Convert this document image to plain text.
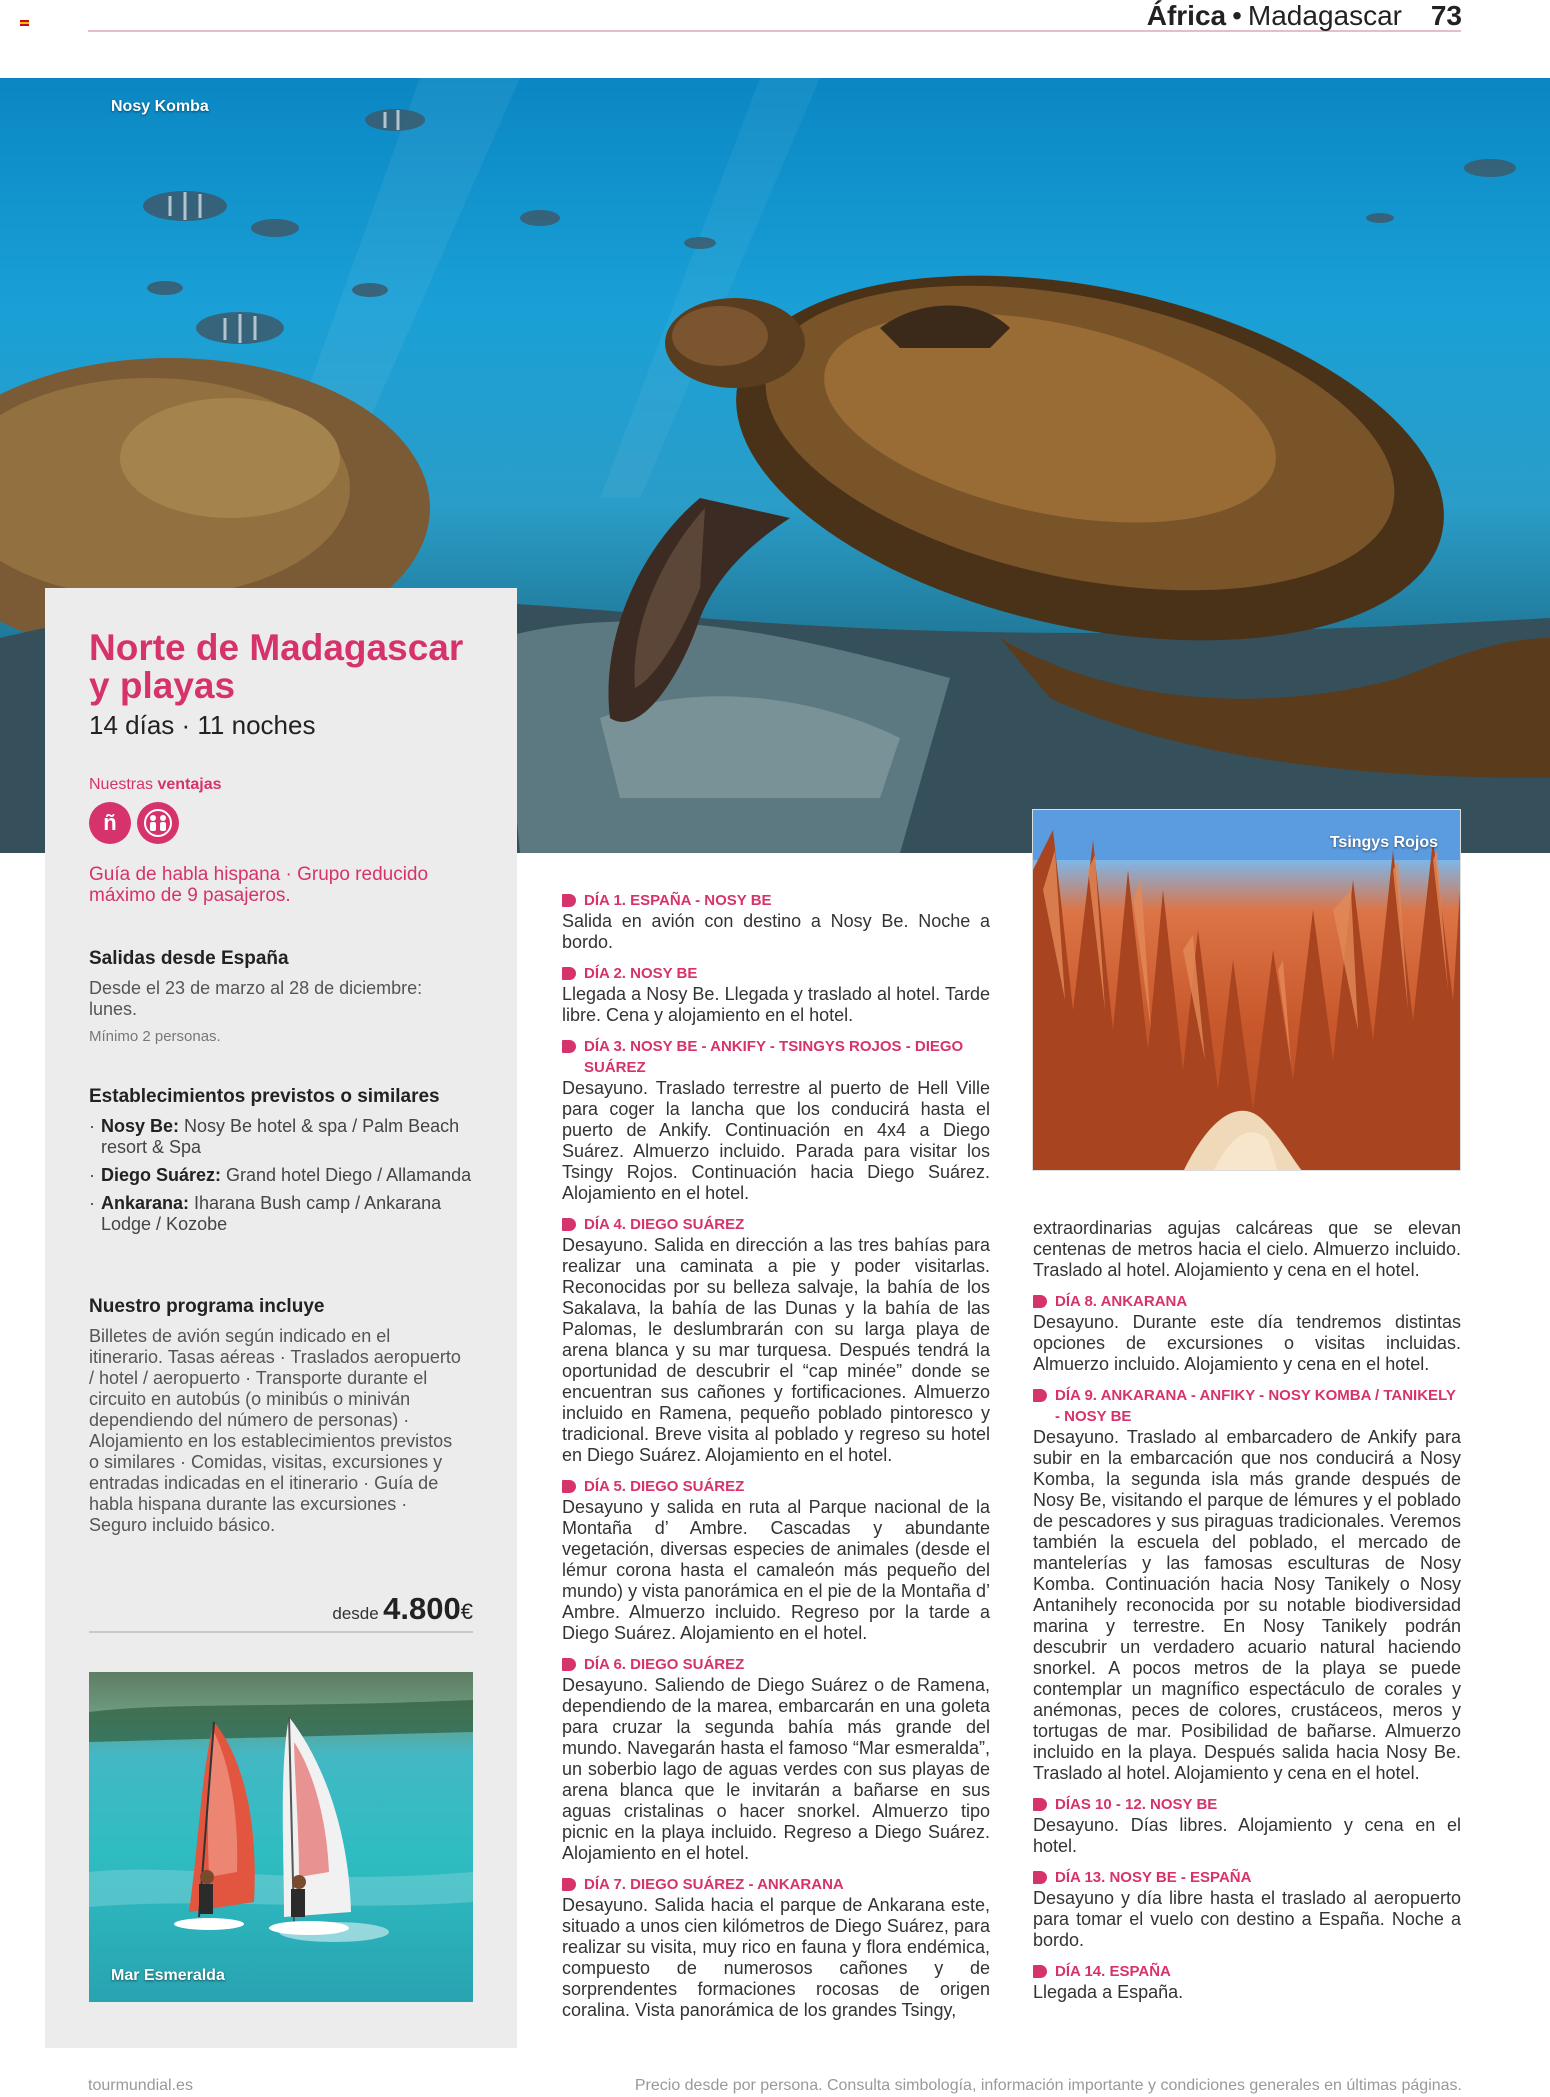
África • Madagascar 73
Nosy Komba
Norte de Madagascar y playas
14 días · 11 noches
Nuestras ventajas
ñ

Guía de habla hispana · Grupo reducido máximo de 9 pasajeros.

Salidas desde España

Desde el 23 de marzo al 28 de diciembre: lunes.

Mínimo 2 personas.
Establecimientos previstos o similares
· Nosy Be: Nosy Be hotel & spa / Palm Beach resort & Spa
· Diego Suárez: Grand hotel Diego / Allamanda
· Ankarana: Iharana Bush camp / Ankarana Lodge / Kozobe
Nuestro programa incluye

Billetes de avión según indicado en el itinerario. Tasas aéreas · Traslados aeropuerto / hotel / aeropuerto · Transporte durante el circuito en autobús (o minibús o miniván dependiendo del número de personas) · Alojamiento en los establecimientos previstos o similares · Comidas, visitas, excursiones y entradas indicadas en el itinerario · Guía de habla hispana durante las excursiones · Seguro incluido básico.

desde 4.800€
Mar Esmeralda
DÍA 1. ESPAÑA - NOSY BE

Salida en avión con destino a Nosy Be. Noche a bordo.

DÍA 2. NOSY BE

Llegada a Nosy Be. Llegada y traslado al hotel. Tarde libre. Cena y alojamiento en el hotel.

DÍA 3. NOSY BE - ANKIFY - TSINGYS ROJOS - DIEGO SUÁREZ

Desayuno. Traslado terrestre al puerto de Hell Ville para coger la lancha que los conducirá hasta el puerto de Ankify. Continuación en 4x4 a Diego Suárez. Almuerzo incluido. Parada para visitar los Tsingy Rojos. Continuación hacia Diego Suárez. Alojamiento en el hotel.

DÍA 4. DIEGO SUÁREZ

Desayuno. Salida en dirección a las tres bahías para realizar una caminata a pie y poder visitarlas. Reconocidas por su belleza salvaje, la bahía de los Sakalava, la bahía de las Dunas y la bahía de las Palomas, le deslumbrarán con su larga playa de arena blanca y su mar turquesa. Después tendrá la oportunidad de descubrir el “cap minée” donde se encuentran sus cañones y fortificaciones. Almuerzo incluido en Ramena, pequeño poblado pintoresco y tradicional. Breve visita al poblado y regreso su hotel en Diego Suárez. Alojamiento en el hotel.

DÍA 5. DIEGO SUÁREZ

Desayuno y salida en ruta al Parque nacional de la Montaña d’ Ambre. Cascadas y abundante vegetación, diversas especies de animales (desde el lémur corona hasta el camaleón más pequeño del mundo) y vista panorámica en el pie de la Montaña d’ Ambre. Almuerzo incluido. Regreso por la tarde a Diego Suárez. Alojamiento en el hotel.

DÍA 6. DIEGO SUÁREZ

Desayuno. Saliendo de Diego Suárez o de Ramena, dependiendo de la marea, embarcarán en una goleta para cruzar la segunda bahía más grande del mundo. Navegarán hasta el famoso “Mar esmeralda”, un soberbio lago de aguas verdes con sus playas de arena blanca que le invitarán a bañarse en sus aguas cristalinas o hacer snorkel. Almuerzo tipo picnic en la playa incluido. Regreso a Diego Suárez. Alojamiento en el hotel.

DÍA 7. DIEGO SUÁREZ - ANKARANA

Desayuno. Salida hacia el parque de Ankarana este, situado a unos cien kilómetros de Diego Suárez, para realizar su visita, muy rico en fauna y flora endémica, compuesto de numerosos cañones y de sorprendentes formaciones rocosas de origen coralina. Vista panorámica de los grandes Tsingy,

Tsingys Rojos

extraordinarias agujas calcáreas que se elevan centenas de metros hacia el cielo. Almuerzo incluido. Traslado al hotel. Alojamiento y cena en el hotel.

DÍA 8. ANKARANA

Desayuno. Durante este día tendremos distintas opciones de excursiones o visitas incluidas. Almuerzo incluido. Alojamiento y cena en el hotel.

DÍA 9. ANKARANA - ANFIKY - NOSY KOMBA / TANIKELY - NOSY BE

Desayuno. Traslado al embarcadero de Ankify para subir en la embarcación que nos conducirá a Nosy Komba, la segunda isla más grande después de Nosy Be, visitando el parque de lémures y el poblado de pescadores y sus piraguas tradicionales. Veremos también la escuela del poblado, el mercado de mantelerías y las famosas esculturas de Nosy Komba. Continuación hacia Nosy Tanikely o Nosy Antanihely reconocida por su notable biodiversidad marina y terrestre. En Nosy Tanikely podrán descubrir un verdadero acuario natural haciendo snorkel. A pocos metros de la playa se puede contemplar un magnífico espectáculo de corales y anémonas, peces de colores, crustáceos, meros y tortugas de mar. Posibilidad de bañarse. Almuerzo incluido en la playa. Después salida hacia Nosy Be. Traslado al hotel. Alojamiento y cena en el hotel.

DÍAS 10 - 12. NOSY BE

Desayuno. Días libres. Alojamiento y cena en el hotel.

DÍA 13. NOSY BE - ESPAÑA

Desayuno y día libre hasta el traslado al aeropuerto para tomar el vuelo con destino a España. Noche a bordo.

DÍA 14. ESPAÑA

Llegada a España.

tourmundial.es	Precio desde por persona. Consulta simbología, información importante y condiciones generales en últimas páginas.
